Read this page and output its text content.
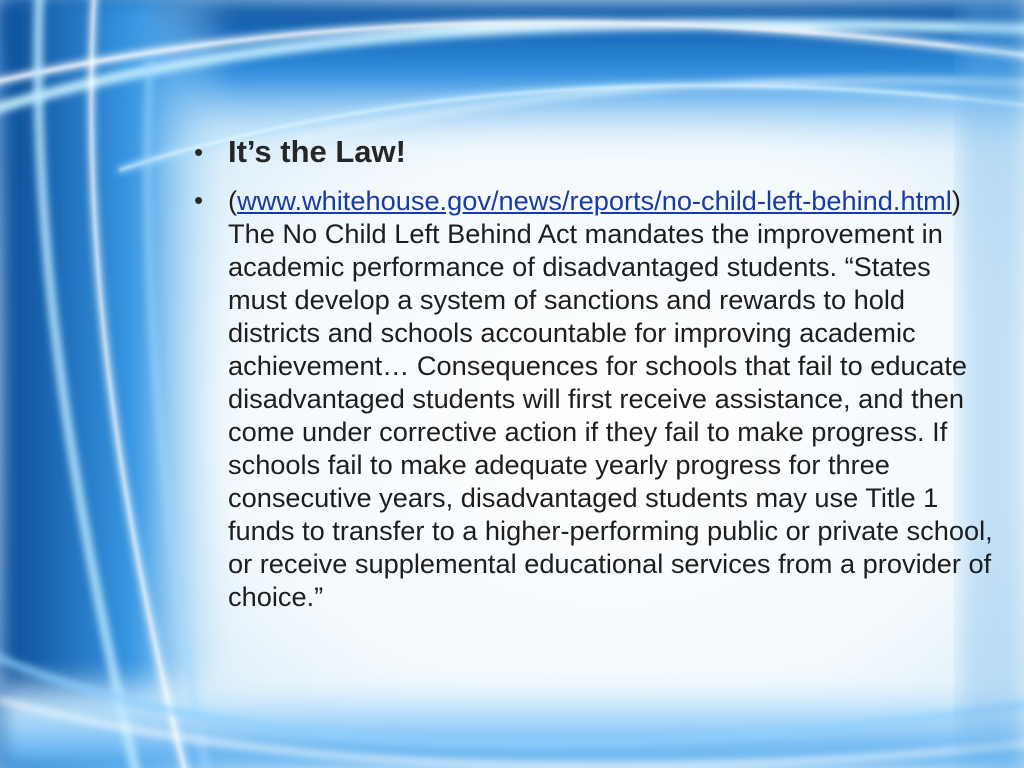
• It’s the Law!
• (www.whitehouse.gov/news/reports/no-child-left-behind.html) The No Child Left Behind Act mandates the improvement in academic performance of disadvantaged students. “States must develop a system of sanctions and rewards to hold districts and schools accountable for improving academic achievement… Consequences for schools that fail to educate disadvantaged students will first receive assistance, and then come under corrective action if they fail to make progress. If schools fail to make adequate yearly progress for three consecutive years, disadvantaged students may use Title 1 funds to transfer to a higher-performing public or private school, or receive supplemental educational services from a provider of choice.”
